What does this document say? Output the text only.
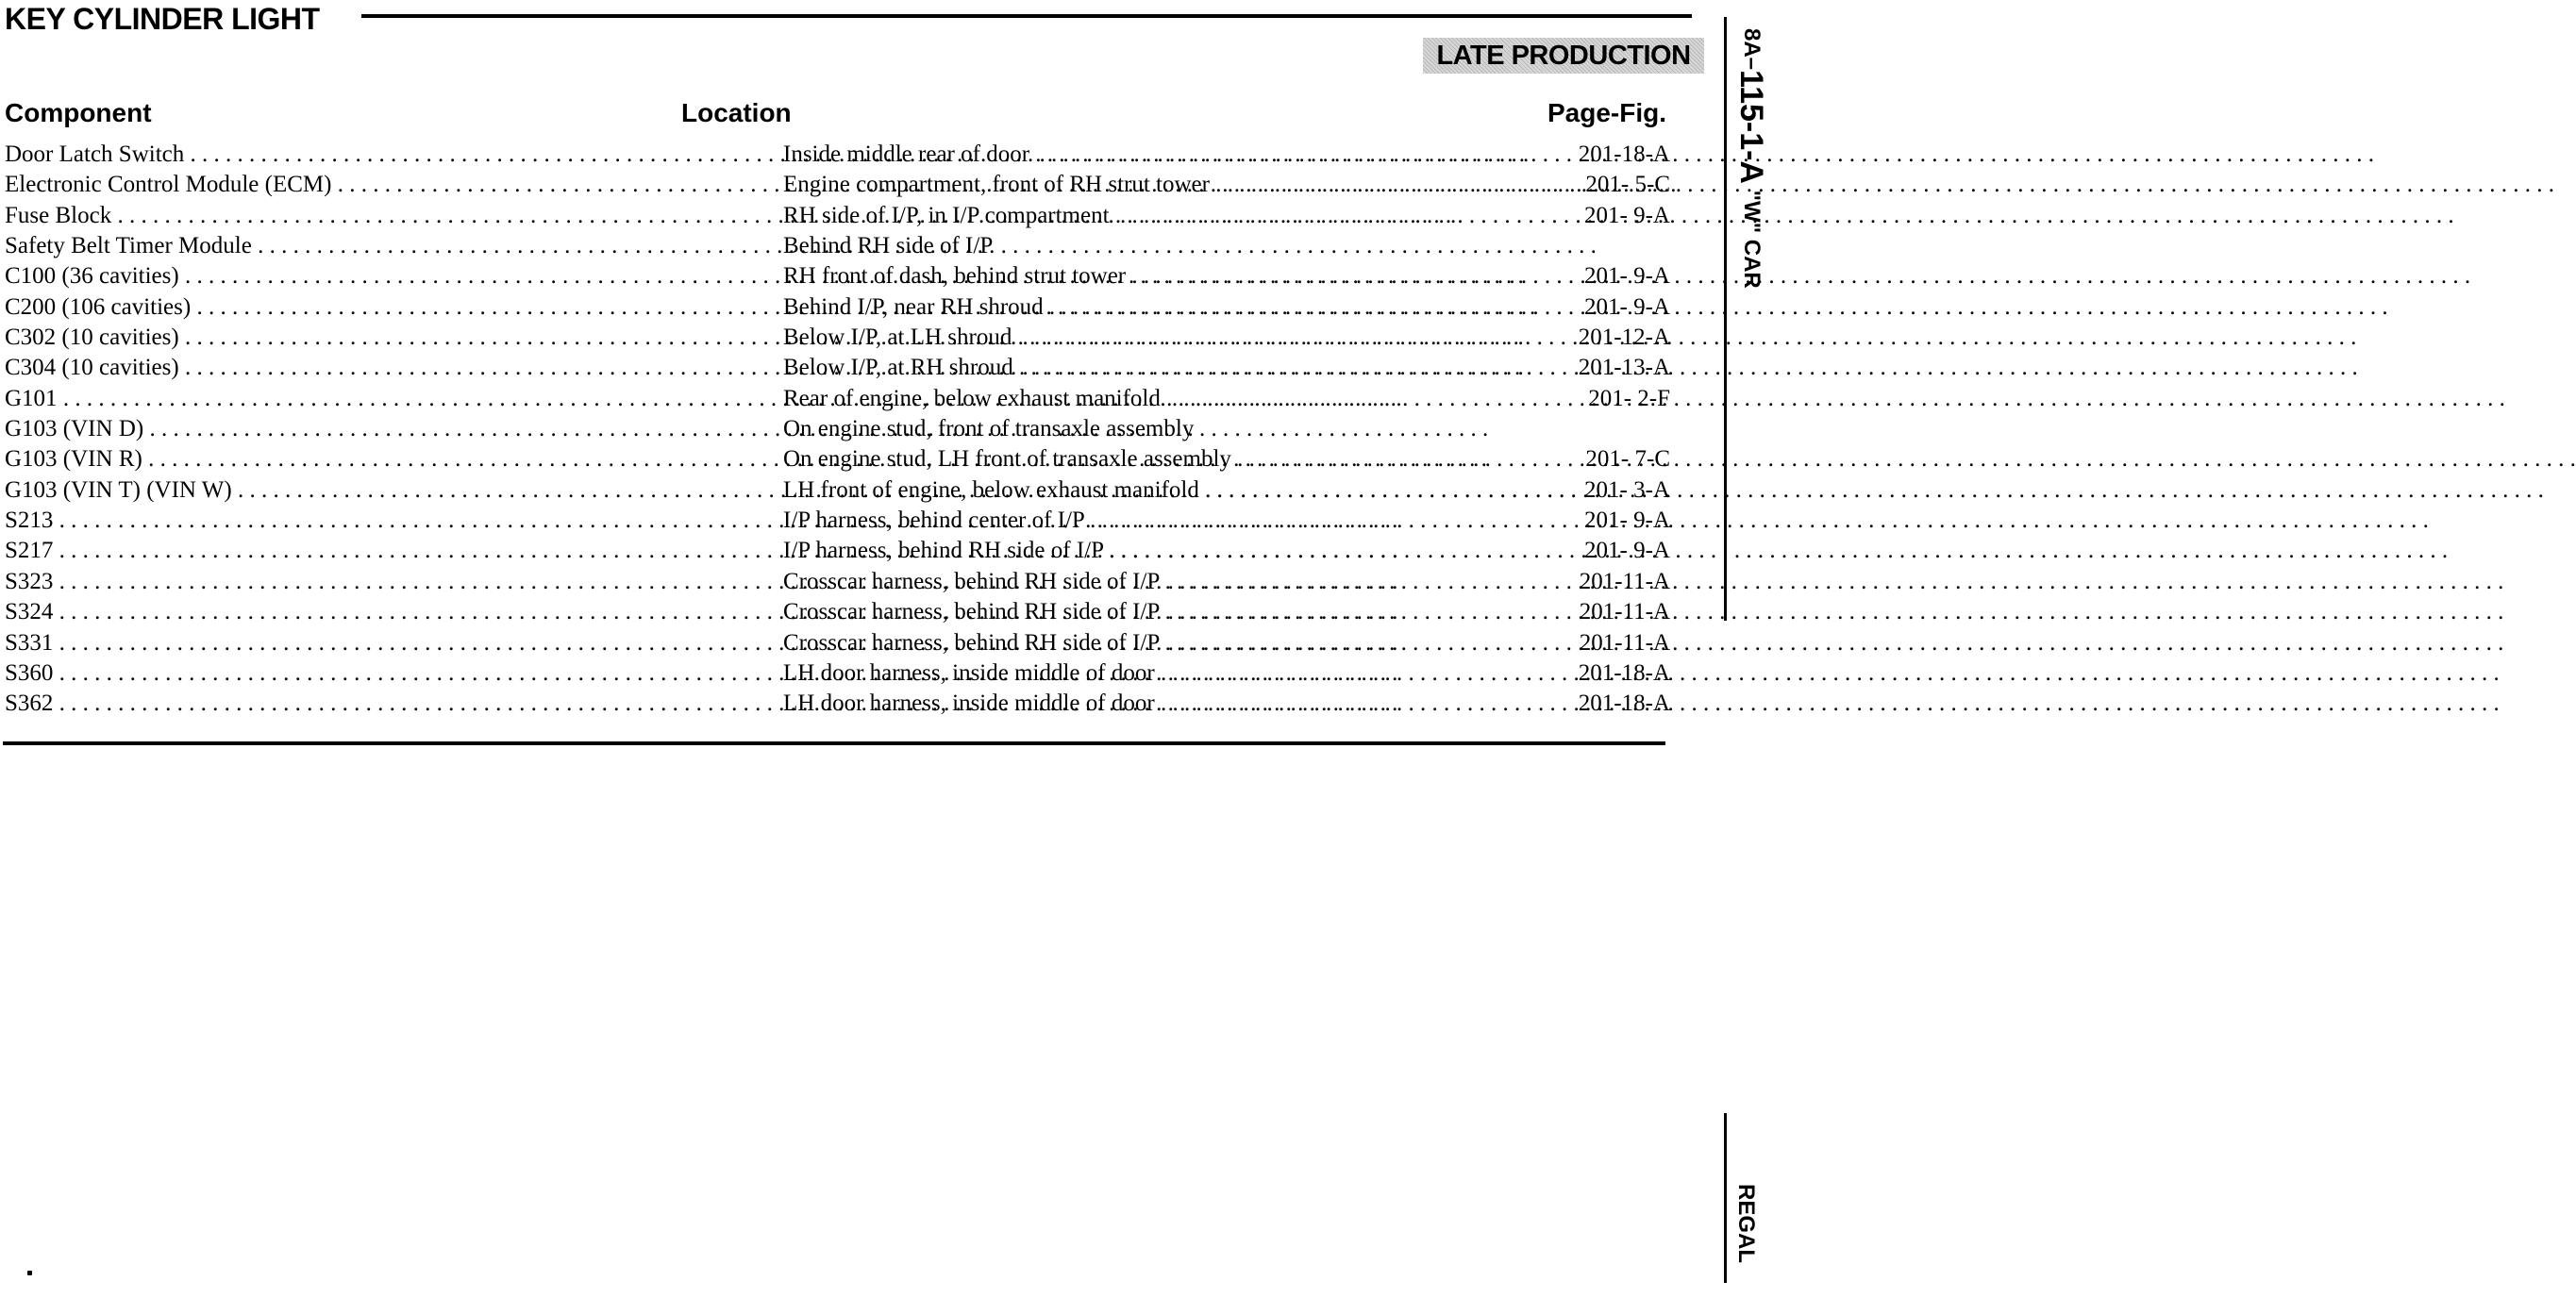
KEY CYLINDER LIGHT
LATE PRODUCTION
Component	Location	Page-Fig.
Door Latch Switch . . .	Inside middle rear of door . . .	201-18-A
Electronic Control Module (ECM) . . .	Engine compartment, front of RH strut tower . . .	201- 5-C
Fuse Block . . .	RH side of I/P, in I/P compartment . . .	201- 9-A
Safety Belt Timer Module . . .	Behind RH side of I/P
C100 (36 cavities) . . .	RH front of dash, behind strut tower . . .	201- 9-A
C200 (106 cavities) . . .	Behind I/P, near RH shroud . . .	201- 9-A
C302 (10 cavities) . . .	Below I/P, at LH shroud . . .	201-12-A
C304 (10 cavities) . . .	Below I/P, at RH shroud . . .	201-13-A
G101 . . .	Rear of engine, below exhaust manifold . . .	201- 2-F
G103 (VIN D) . . .	On engine stud, front of transaxle assembly
G103 (VIN R) . . .	On engine stud, LH front of transaxle assembly . . .	201- 7-C
G103 (VIN T) (VIN W) . . .	LH front of engine, below exhaust manifold . . .	201- 3-A
S213 . . .	I/P harness, behind center of I/P . . .	201- 9-A
S217 . . .	I/P harness, behind RH side of I/P . . .	201- 9-A
S323 . . .	Crosscar harness, behind RH side of I/P . . .	201-11-A
S324 . . .	Crosscar harness, behind RH side of I/P . . .	201-11-A
S331 . . .	Crosscar harness, behind RH side of I/P . . .	201-11-A
S360 . . .	LH door harness, inside middle of door . . .	201-18-A
S362 . . .	LH door harness, inside middle of door . . .	201-18-A
8A–115-1-A "W" CAR
REGAL
